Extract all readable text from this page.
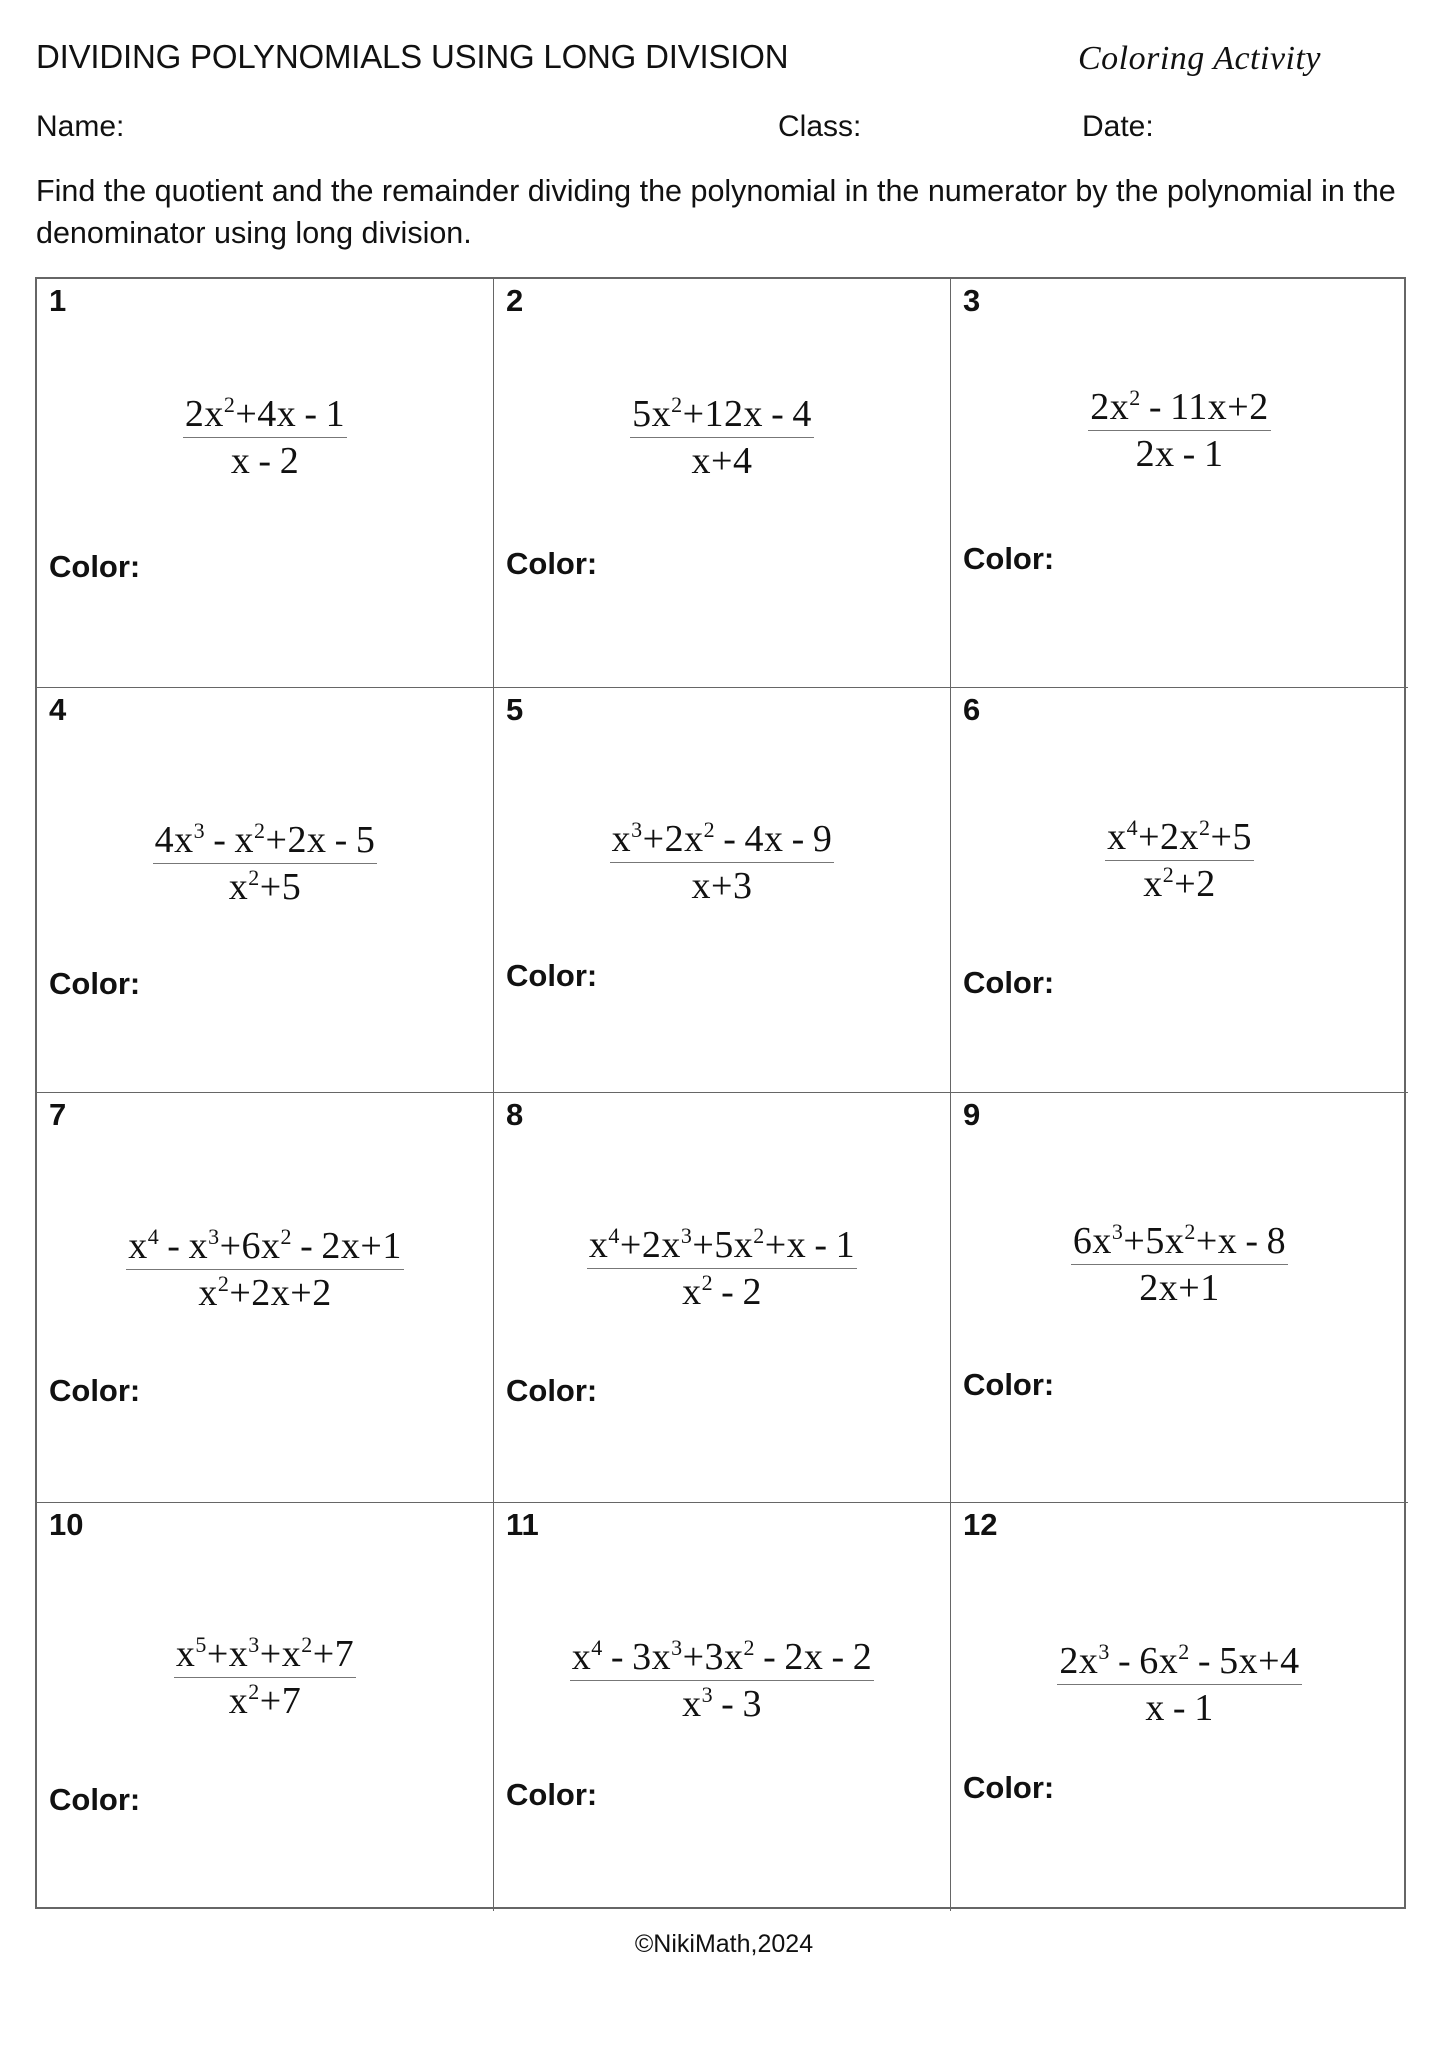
DIVIDING POLYNOMIALS USING LONG DIVISION	Coloring Activity
Name:	Class:	Date:
Find the quotient and the remainder dividing the polynomial in the numerator by the polynomial in the denominator using long division.
1
$\frac{2x^2+4x - 1}{x - 2}$
Color:
2
$\frac{5x^2+12x - 4}{x+4}$
Color:
3
$\frac{2x^2 - 11x+2}{2x - 1}$
Color:
4
$\frac{4x^3 - x^2+2x - 5}{x^2+5}$
Color:
5
$\frac{x^3+2x^2 - 4x - 9}{x+3}$
Color:
6
$\frac{x^4+2x^2+5}{x^2+2}$
Color:
7
$\frac{x^4 - x^3+6x^2 - 2x+1}{x^2+2x+2}$
Color:
8
$\frac{x^4+2x^3+5x^2+x - 1}{x^2 - 2}$
Color:
9
$\frac{6x^3+5x^2+x - 8}{2x+1}$
Color:
10
$\frac{x^5+x^3+x^2+7}{x^2+7}$
Color:
11
$\frac{x^4 - 3x^3+3x^2 - 2x - 2}{x^3 - 3}$
Color:
12
$\frac{2x^3 - 6x^2 - 5x+4}{x - 1}$
Color:
©NikiMath,2024
